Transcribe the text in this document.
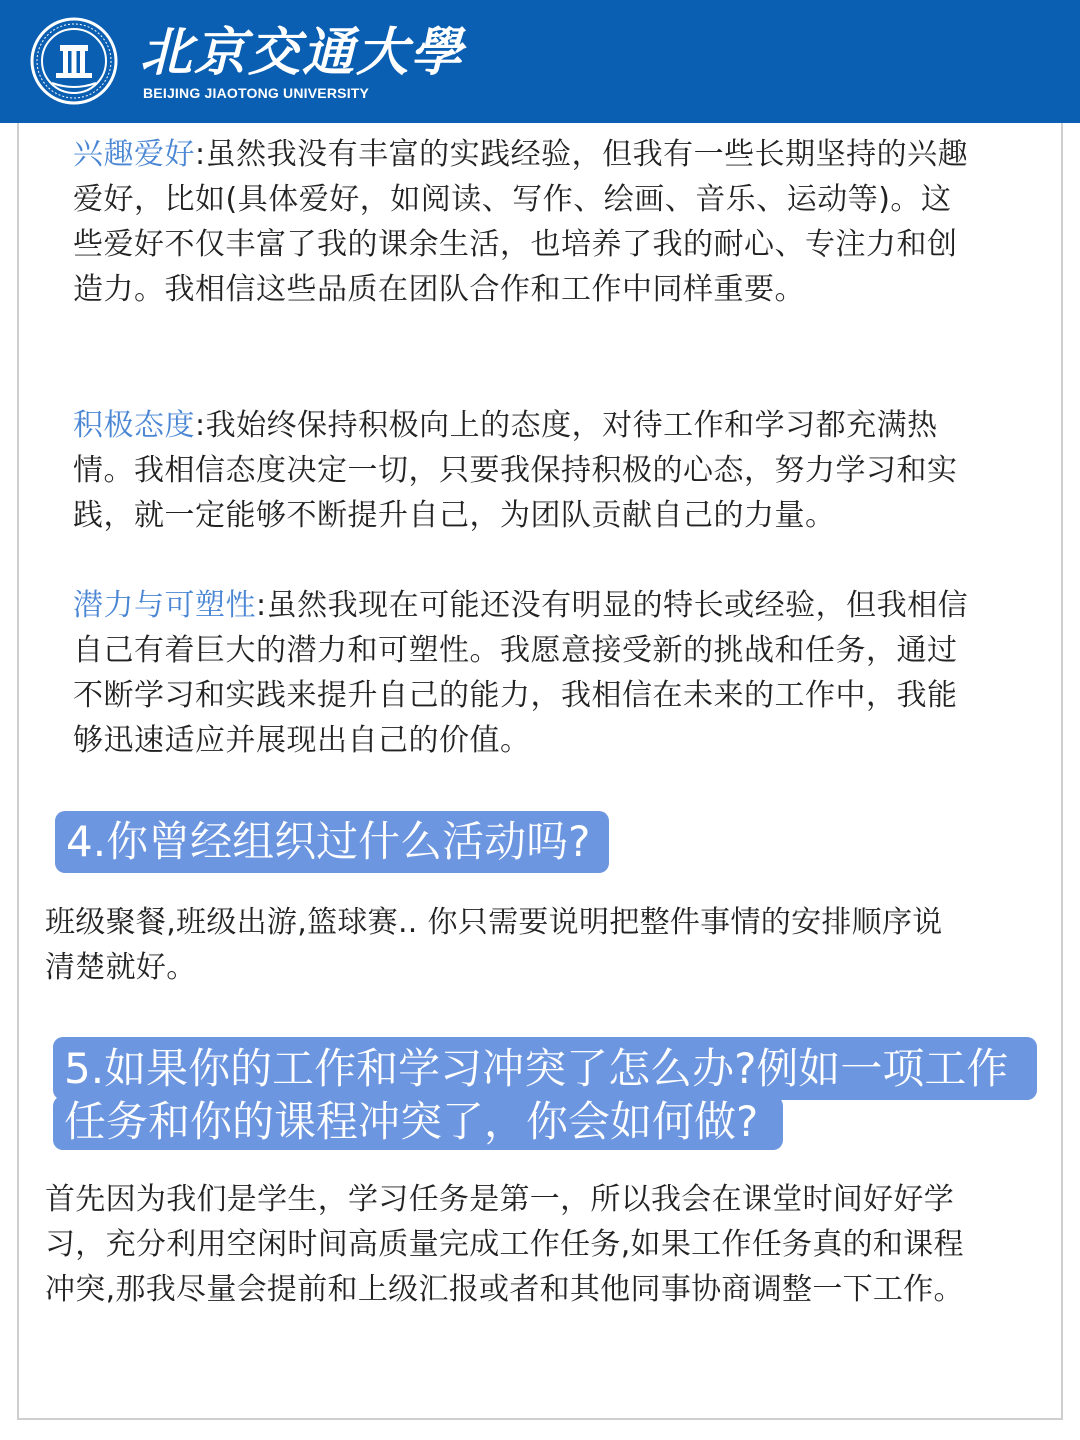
北京交通大學
BEIJING JIAOTONG UNIVERSITY
兴趣爱好:虽然我没有丰富的实践经验，但我有一些长期坚持的兴趣爱好，比如(具体爱好，如阅读、写作、绘画、音乐、运动等)。这些爱好不仅丰富了我的课余生活，也培养了我的耐心、专注力和创造力。我相信这些品质在团队合作和工作中同样重要。
积极态度:我始终保持积极向上的态度，对待工作和学习都充满热情。我相信态度决定一切，只要我保持积极的心态，努力学习和实践，就一定能够不断提升自己，为团队贡献自己的力量。
潜力与可塑性:虽然我现在可能还没有明显的特长或经验，但我相信自己有着巨大的潜力和可塑性。我愿意接受新的挑战和任务，通过不断学习和实践来提升自己的能力，我相信在未来的工作中，我能够迅速适应并展现出自己的价值。
4.你曾经组织过什么活动吗?
班级聚餐,班级出游,篮球赛.. 你只需要说明把整件事情的安排顺序说清楚就好。
5.如果你的工作和学习冲突了怎么办?例如一项工作
任务和你的课程冲突了，你会如何做?
首先因为我们是学生，学习任务是第一，所以我会在课堂时间好好学习，充分利用空闲时间高质量完成工作任务,如果工作任务真的和课程冲突,那我尽量会提前和上级汇报或者和其他同事协商调整一下工作。
